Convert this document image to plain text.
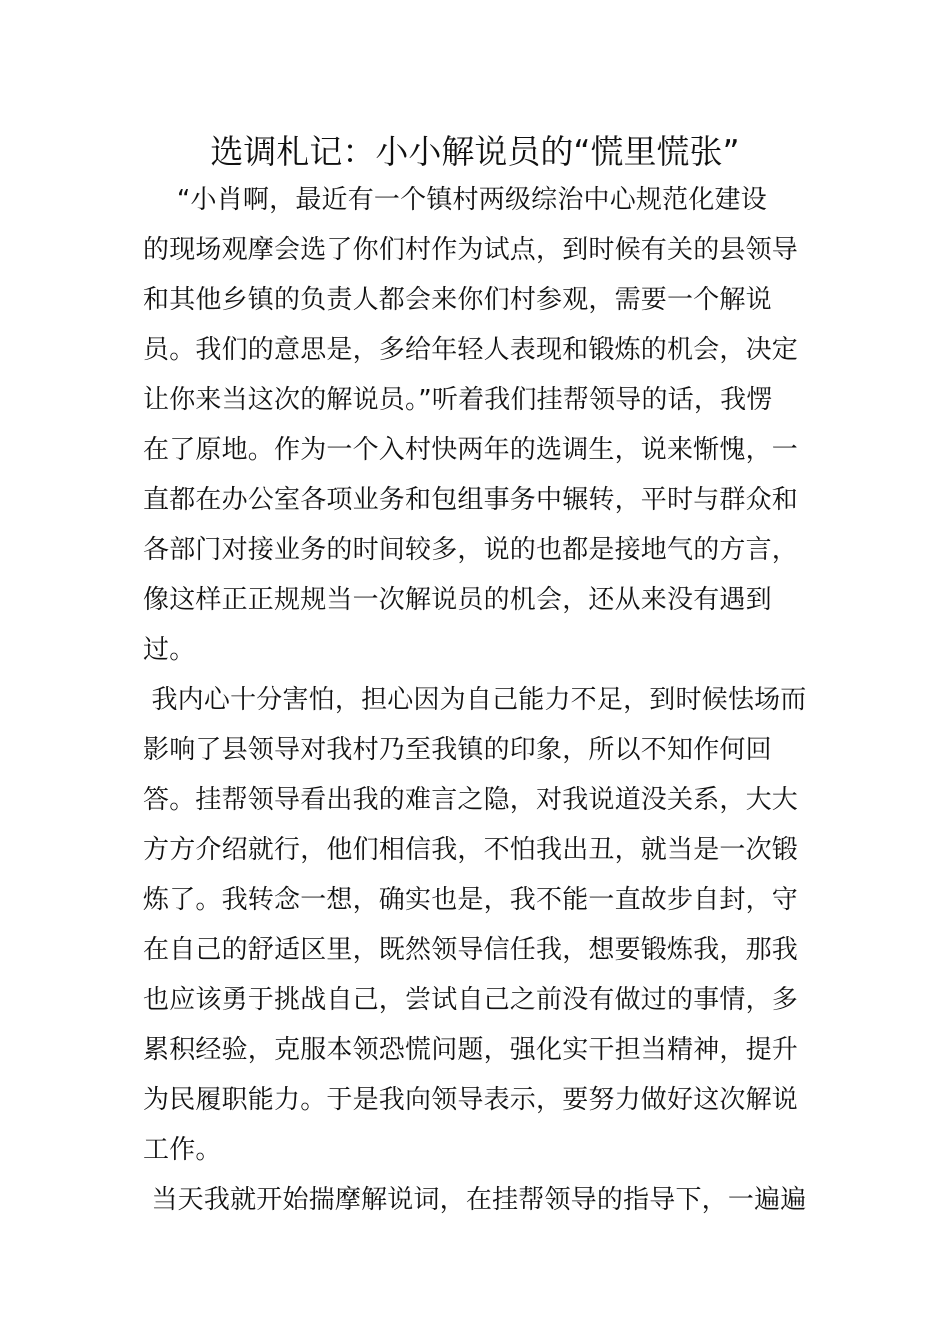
选调札记：小小解说员的“慌里慌张”
“小肖啊，最近有一个镇村两级综治中心规范化建设
的现场观摩会选了你们村作为试点，到时候有关的县领导
和其他乡镇的负责人都会来你们村参观，需要一个解说
员。我们的意思是，多给年轻人表现和锻炼的机会，决定
让你来当这次的解说员。”听着我们挂帮领导的话，我愣
在了原地。作为一个入村快两年的选调生，说来惭愧，一
直都在办公室各项业务和包组事务中辗转，平时与群众和
各部门对接业务的时间较多，说的也都是接地气的方言，
像这样正正规规当一次解说员的机会，还从来没有遇到
过。
我内心十分害怕，担心因为自己能力不足，到时候怯场而
影响了县领导对我村乃至我镇的印象，所以不知作何回
答。挂帮领导看出我的难言之隐，对我说道没关系，大大
方方介绍就行，他们相信我，不怕我出丑，就当是一次锻
炼了。我转念一想，确实也是，我不能一直故步自封，守
在自己的舒适区里，既然领导信任我，想要锻炼我，那我
也应该勇于挑战自己，尝试自己之前没有做过的事情，多
累积经验，克服本领恐慌问题，强化实干担当精神，提升
为民履职能力。于是我向领导表示，要努力做好这次解说
工作。
当天我就开始揣摩解说词，在挂帮领导的指导下，一遍遍
